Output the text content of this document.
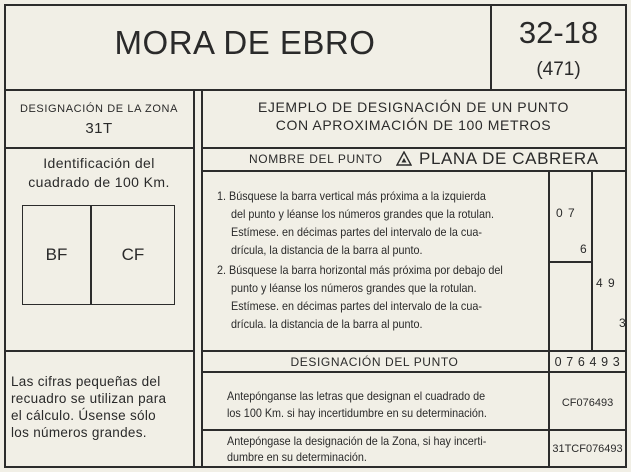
MORA DE EBRO	32-18
(471)
DESIGNACIÓN DE LA ZONA
31T
Identificación del
cuadrado de 100 Km.
BF	CF
Las cifras pequeñas del
recuadro se utilizan para
el cálculo. Úsense sólo
los números grandes.
EJEMPLO DE DESIGNACIÓN DE UN PUNTO
CON APROXIMACIÓN DE 100 METROS
NOMBRE DEL PUNTO PLANA DE CABRERA
1. Búsquese la barra vertical más próxima a la izquierda
del punto y léanse los números grandes que la rotulan.
Estímese. en décimas partes del intervalo de la cua-
drícula, la distancia de la barra al punto.
2. Búsquese la barra horizontal más próxima por debajo del
punto y léanse los números grandes que la rotulan.
Estímese. en décimas partes del intervalo de la cua-
drícula. la distancia de la barra al punto.
0 7
6
4 9
3
DESIGNACIÓN DEL PUNTO	0 7 6 4 9 3
Antepónganse las letras que designan el cuadrado de
los 100 Km. si hay incertidumbre en su determinación.
CF076493
Antepóngase la designación de la Zona, si hay incerti-
dumbre en su determinación.
31TCF076493
